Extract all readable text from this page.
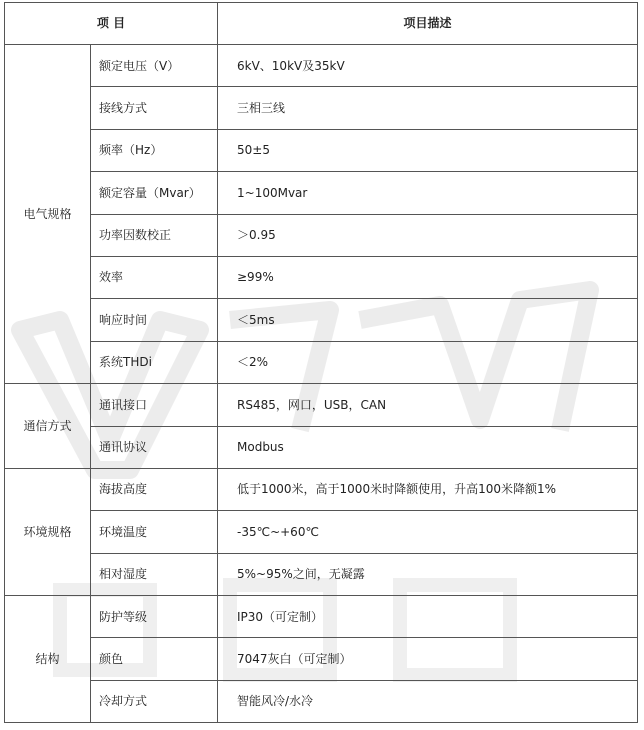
项 目		项目描述
电气规格	额定电压（V）	6kV、10kV及35kV
	接线方式	三相三线
	频率（Hz）	50±5
	额定容量（Mvar）	1~100Mvar
	功率因数校正	＞0.95
	效率	≥99%
	响应时间	＜5ms
	系统THDi	＜2%
通信方式	通讯接口	RS485，网口，USB，CAN
	通讯协议	Modbus
环境规格	海拔高度	低于1000米，高于1000米时降额使用，升高100米降额1%
	环境温度	-35℃~+60℃
	相对湿度	5%~95%之间，无凝露
结构	防护等级	IP30（可定制）
	颜色	7047灰白（可定制）
	冷却方式	智能风冷/水冷
